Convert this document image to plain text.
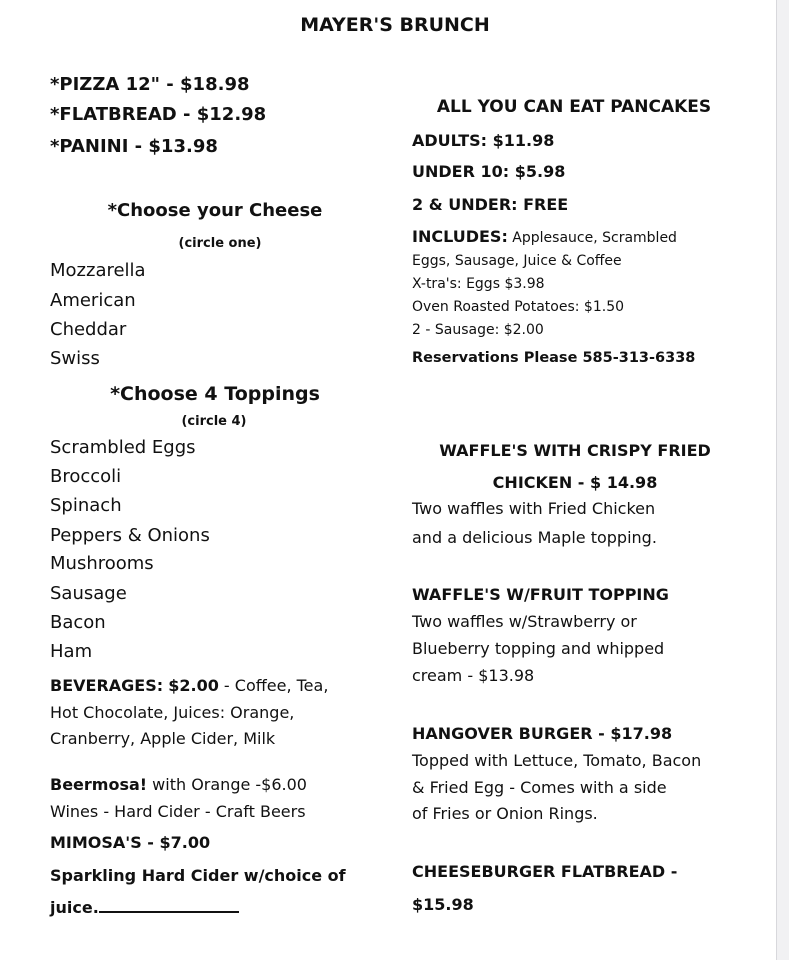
MAYER'S BRUNCH
*PIZZA 12" - $18.98
*FLATBREAD - $12.98
*PANINI - $13.98
*Choose your Cheese
(circle one)
Mozzarella
American
Cheddar
Swiss
*Choose 4 Toppings
(circle 4)
Scrambled Eggs
Broccoli
Spinach
Peppers & Onions
Mushrooms
Sausage
Bacon
Ham
BEVERAGES: $2.00 - Coffee, Tea,
Hot Chocolate, Juices: Orange,
Cranberry, Apple Cider, Milk
Beermosa! with Orange -$6.00
Wines - Hard Cider - Craft Beers
MIMOSA'S - $7.00
Sparkling Hard Cider w/choice of
juice.
ALL YOU CAN EAT PANCAKES
ADULTS: $11.98
UNDER 10: $5.98
2 & UNDER: FREE
INCLUDES: Applesauce, Scrambled
Eggs, Sausage, Juice & Coffee
X-tra's: Eggs $3.98
Oven Roasted Potatoes: $1.50
2 - Sausage: $2.00
Reservations Please 585-313-6338
WAFFLE'S WITH CRISPY FRIED
CHICKEN - $ 14.98
Two waffles with Fried Chicken
and a delicious Maple topping.
WAFFLE'S W/FRUIT TOPPING
Two waffles w/Strawberry or
Blueberry topping and whipped
cream - $13.98
HANGOVER BURGER - $17.98
Topped with Lettuce, Tomato, Bacon
& Fried Egg - Comes with a side
of Fries or Onion Rings.
CHEESEBURGER FLATBREAD -
$15.98
